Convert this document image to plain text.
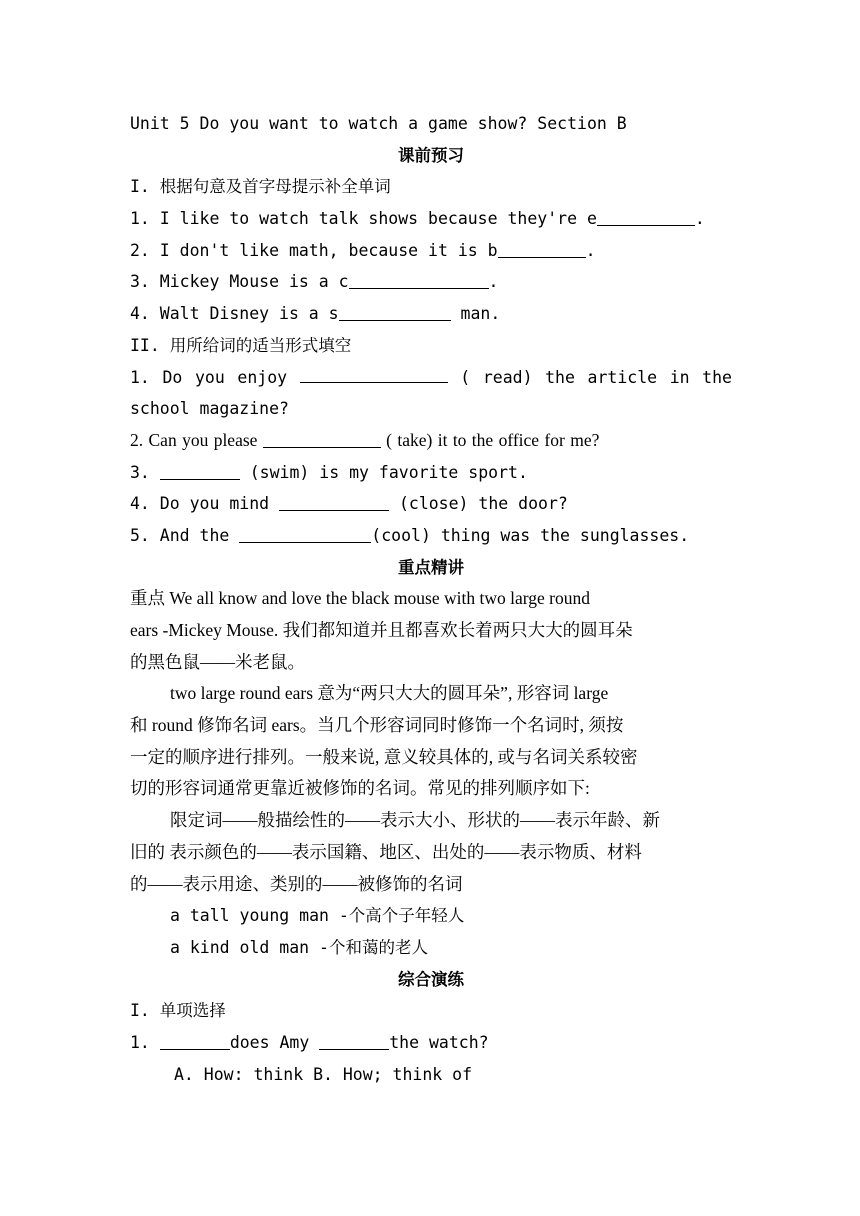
Unit 5 Do you want to watch a game show? Section B
课前预习
I. 根据句意及首字母提示补全单词
1. I like to watch talk shows because they're e	.
2. I don't like math, because it is b	.
3. Mickey Mouse is a c	.
4. Walt Disney is a s	man.
II. 用所给词的适当形式填空
1. Do you enjoy	( read) the article in the
school magazine?
2. Can you please	( take) it to the office for me?
3.	(swim) is my favorite sport.
4. Do you mind	(close) the door?
5. And the	(cool) thing was the sunglasses.
重点精讲
重点 We all know and love the black mouse with two large round
ears -Mickey Mouse. 我们都知道并且都喜欢长着两只大大的圆耳朵
的黑色鼠——米老鼠。
two large round ears 意为“两只大大的圆耳朵”, 形容词 large
和 round 修饰名词 ears。当几个形容词同时修饰一个名词时, 须按
一定的顺序进行排列。一般来说, 意义较具体的, 或与名词关系较密
切的形容词通常更靠近被修饰的名词。常见的排列顺序如下:
限定词——般描绘性的——表示大小、形状的——表示年龄、新
旧的 表示颜色的——表示国籍、地区、出处的——表示物质、材料
的——表示用途、类别的——被修饰的名词
a tall young man -个高个子年轻人
a kind old man -个和蔼的老人
综合演练
I. 单项选择
1.	does Amy	the watch?
A. How: think B. How; think of
